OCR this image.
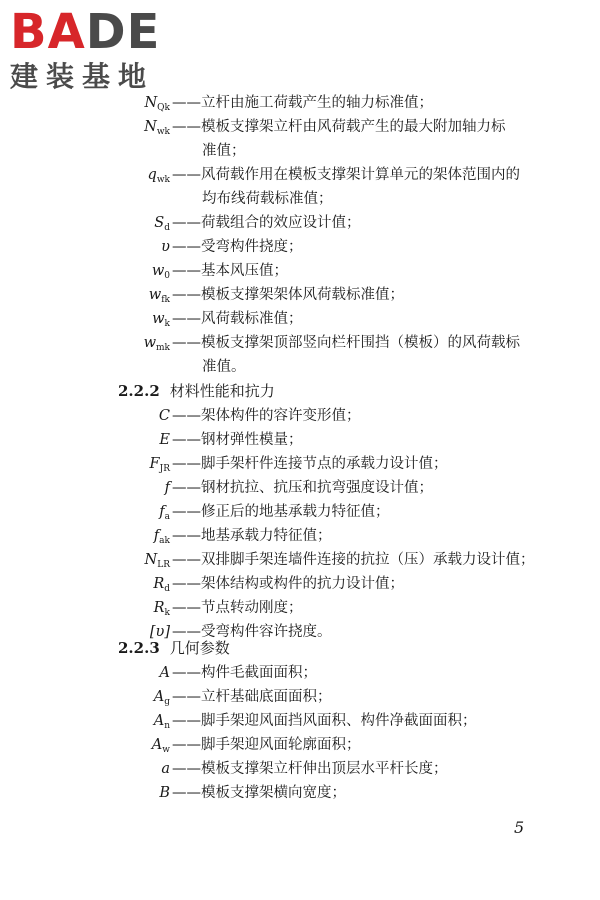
BADE
建装基地
$N_{Qk}$ ——立杆由施工荷载产生的轴力标准值；
$N_{wk}$ ——模板支撑架立杆由风荷载产生的最大附加轴力标
准值；
$q_{wk}$ ——风荷载作用在模板支撑架计算单元的架体范围内的
均布线荷载标准值；
$S_d$ ——荷载组合的效应设计值；
υ ——受弯构件挠度；
$w_0$ ——基本风压值；
$w_{fk}$ ——模板支撑架架体风荷载标准值；
$w_k$ ——风荷载标准值；
$w_{mk}$ ——模板支撑架顶部竖向栏杆围挡（模板）的风荷载标
准值。
2.2.2 材料性能和抗力
C ——架体构件的容许变形值；
E ——钢材弹性模量；
$F_{JR}$ ——脚手架杆件连接节点的承载力设计值；
f ——钢材抗拉、抗压和抗弯强度设计值；
$f_a$ ——修正后的地基承载力特征值；
$f_{ak}$ ——地基承载力特征值；
$N_{LR}$ ——双排脚手架连墙件连接的抗拉（压）承载力设计值；
$R_d$ ——架体结构或构件的抗力设计值；
$R_k$ ——节点转动刚度；
[υ] ——受弯构件容许挠度。
2.2.3 几何参数
A ——构件毛截面面积；
$A_g$ ——立杆基础底面面积；
$A_n$ ——脚手架迎风面挡风面积、构件净截面面积；
$A_w$ ——脚手架迎风面轮廓面积；
a ——模板支撑架立杆伸出顶层水平杆长度；
B ——模板支撑架横向宽度；
5
